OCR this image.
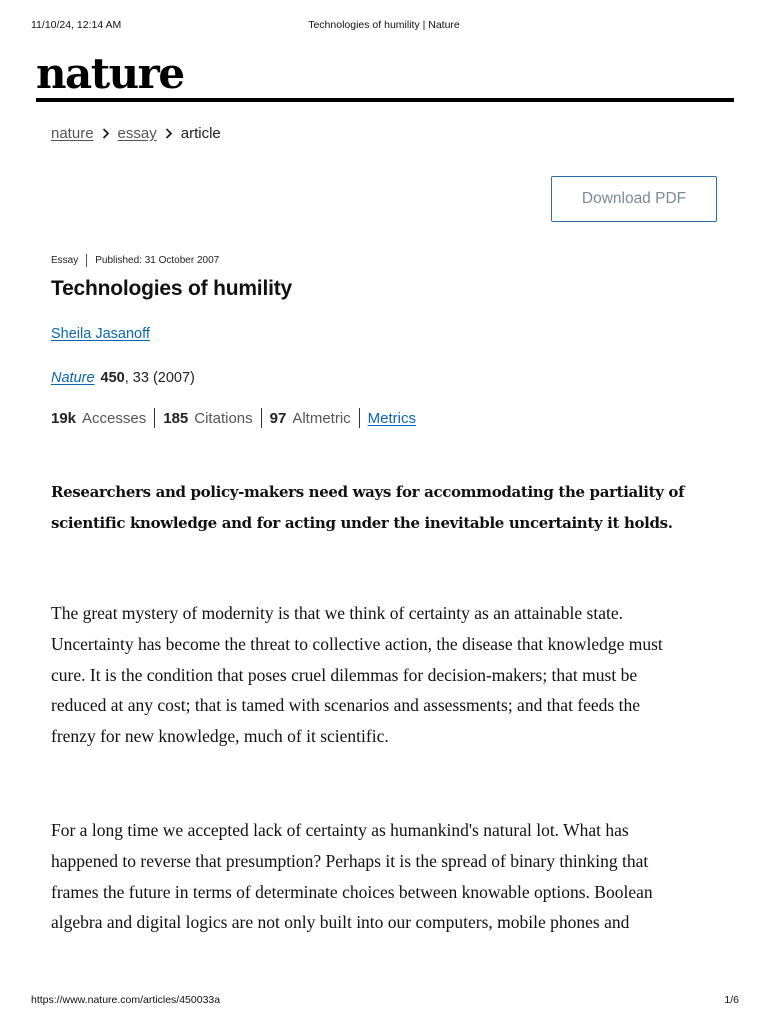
11/10/24, 12:14 AM	Technologies of humility | Nature
nature
nature essay article
Download PDF
Essay Published: 31 October 2007
Technologies of humility
Sheila Jasanoff
Nature 450, 33 (2007)
19k Accesses 185 Citations 97 Altmetric Metrics

Researchers and policy-makers need ways for accommodating the partiality of
scientific knowledge and for acting under the inevitable uncertainty it holds.

The great mystery of modernity is that we think of certainty as an attainable state.
Uncertainty has become the threat to collective action, the disease that knowledge must
cure. It is the condition that poses cruel dilemmas for decision-makers; that must be
reduced at any cost; that is tamed with scenarios and assessments; and that feeds the
frenzy for new knowledge, much of it scientific.

For a long time we accepted lack of certainty as humankind's natural lot. What has
happened to reverse that presumption? Perhaps it is the spread of binary thinking that
frames the future in terms of determinate choices between knowable options. Boolean
algebra and digital logics are not only built into our computers, mobile phones and

https://www.nature.com/articles/450033a	1/6
